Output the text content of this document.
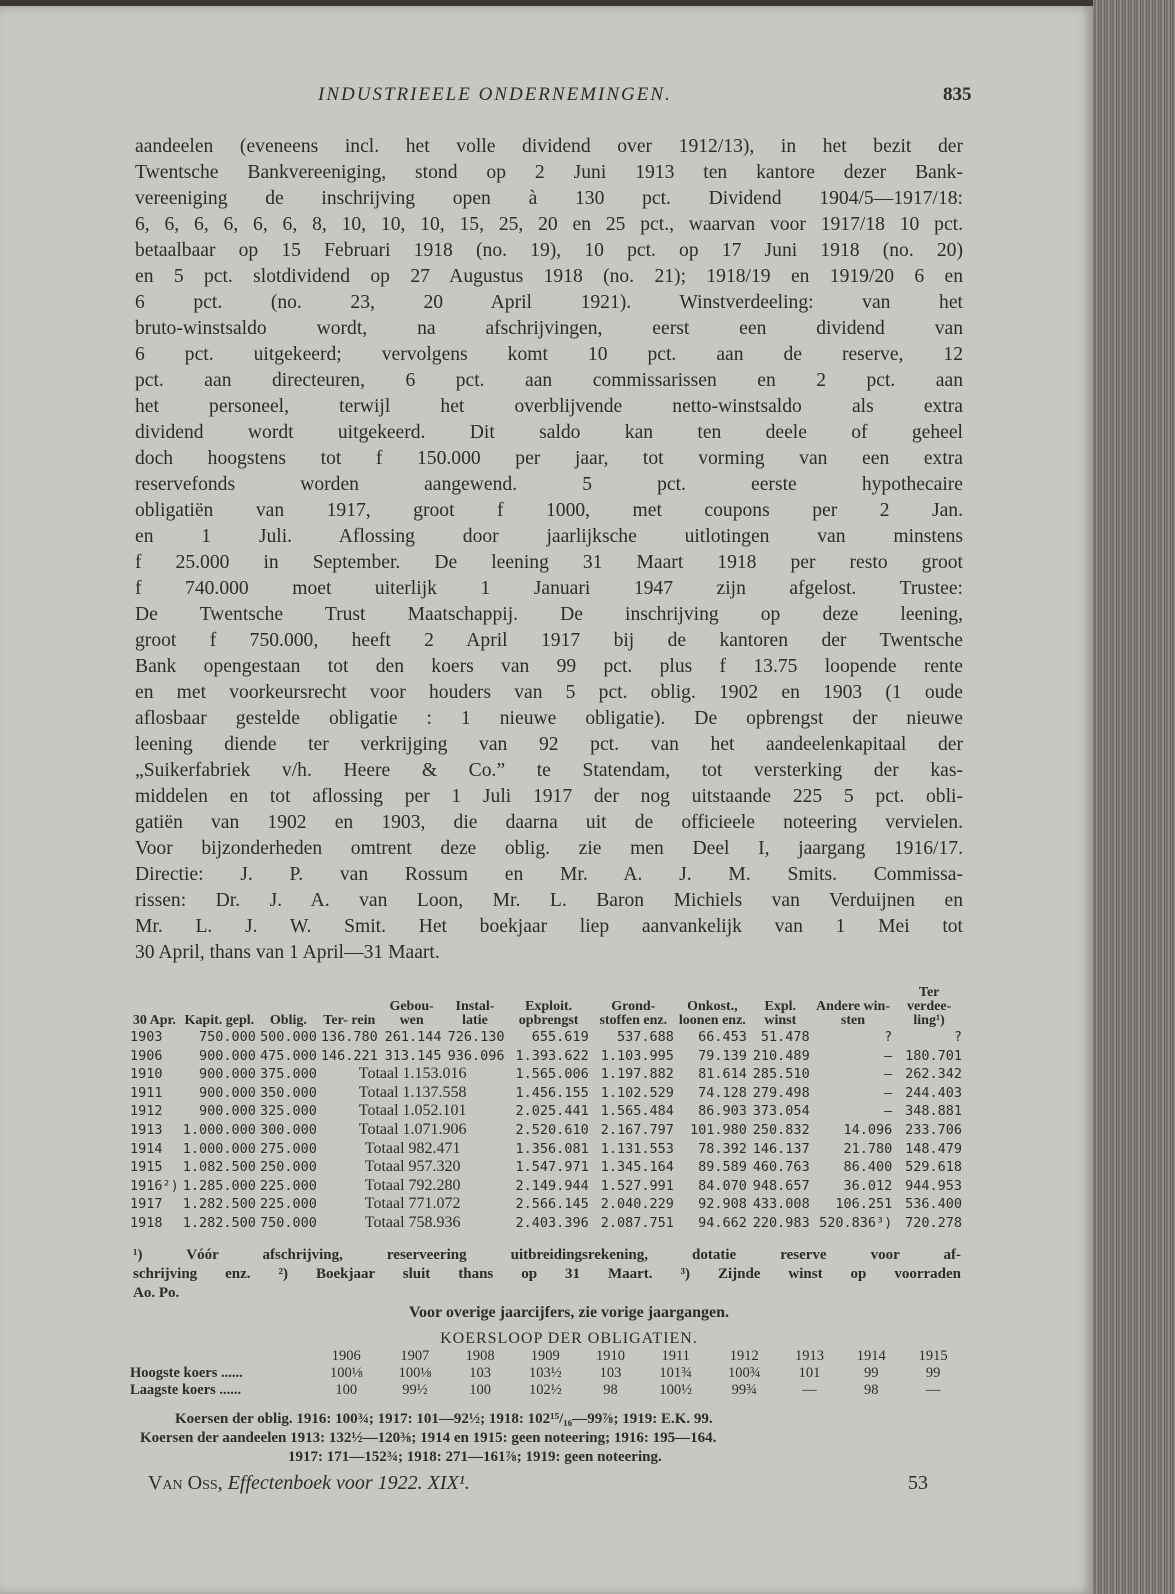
INDUSTRIEELE ONDERNEMINGEN.	835
aandeelen (eveneens incl. het volle dividend over 1912/13), in het bezit der
Twentsche Bankvereeniging, stond op 2 Juni 1913 ten kantore dezer Bank-
vereeniging de inschrijving open à 130 pct. Dividend 1904/5—1917/18:
6, 6, 6, 6, 6, 6, 8, 10, 10, 10, 15, 25, 20 en 25 pct., waarvan voor 1917/18 10 pct.
betaalbaar op 15 Februari 1918 (no. 19), 10 pct. op 17 Juni 1918 (no. 20)
en 5 pct. slotdividend op 27 Augustus 1918 (no. 21); 1918/19 en 1919/20 6 en
6 pct. (no. 23, 20 April 1921). Winstverdeeling: van het
bruto-winstsaldo wordt, na afschrijvingen, eerst een dividend van
6 pct. uitgekeerd; vervolgens komt 10 pct. aan de reserve, 12
pct. aan directeuren, 6 pct. aan commissarissen en 2 pct. aan
het personeel, terwijl het overblijvende netto-winstsaldo als extra
dividend wordt uitgekeerd. Dit saldo kan ten deele of geheel
doch hoogstens tot f 150.000 per jaar, tot vorming van een extra
reservefonds worden aangewend. 5 pct. eerste hypothecaire
obligatiën van 1917, groot f 1000, met coupons per 2 Jan.
en 1 Juli. Aflossing door jaarlijksche uitlotingen van minstens
f 25.000 in September. De leening 31 Maart 1918 per resto groot
f 740.000 moet uiterlijk 1 Januari 1947 zijn afgelost. Trustee:
De Twentsche Trust Maatschappij. De inschrijving op deze leening,
groot f 750.000, heeft 2 April 1917 bij de kantoren der Twentsche
Bank opengestaan tot den koers van 99 pct. plus f 13.75 loopende rente
en met voorkeursrecht voor houders van 5 pct. oblig. 1902 en 1903 (1 oude
aflosbaar gestelde obligatie : 1 nieuwe obligatie). De opbrengst der nieuwe
leening diende ter verkrijging van 92 pct. van het aandeelenkapitaal der
„Suikerfabriek v/h. Heere & Co.” te Statendam, tot versterking der kas-
middelen en tot aflossing per 1 Juli 1917 der nog uitstaande 225 5 pct. obli-
gatiën van 1902 en 1903, die daarna uit de officieele noteering vervielen.
Voor bijzonderheden omtrent deze oblig. zie men Deel I, jaargang 1916/17.
Directie: J. P. van Rossum en Mr. A. J. M. Smits. Commissa-
rissen: Dr. J. A. van Loon, Mr. L. Baron Michiels van Verduijnen en
Mr. L. J. W. Smit. Het boekjaar liep aanvankelijk van 1 Mei tot
30 April, thans van 1 April—31 Maart.
30 Apr.	Kapit. gepl.	Oblig.	Ter- rein	Gebou- wen	Instal- latie	Exploit. opbrengst	Grond- stoffen enz.	Onkost., loonen enz.	Expl. winst	Andere win- sten	Ter verdee- ling¹)
1903	750.000	500.000	136.780	261.144	726.130	655.619	537.688	66.453	51.478	?	?
1906	900.000	475.000	146.221	313.145	936.096	1.393.622	1.103.995	79.139	210.489	—	180.701
1910	900.000	375.000	Totaal 1.153.016			1.565.006	1.197.882	81.614	285.510	—	262.342
1911	900.000	350.000	Totaal 1.137.558			1.456.155	1.102.529	74.128	279.498	—	244.403
1912	900.000	325.000	Totaal 1.052.101			2.025.441	1.565.484	86.903	373.054	—	348.881
1913	1.000.000	300.000	Totaal 1.071.906			2.520.610	2.167.797	101.980	250.832	14.096	233.706
1914	1.000.000	275.000	Totaal 982.471			1.356.081	1.131.553	78.392	146.137	21.780	148.479
1915	1.082.500	250.000	Totaal 957.320			1.547.971	1.345.164	89.589	460.763	86.400	529.618
1916²)	1.285.000	225.000	Totaal 792.280			2.149.944	1.527.991	84.070	948.657	36.012	944.953
1917	1.282.500	225.000	Totaal 771.072			2.566.145	2.040.229	92.908	433.008	106.251	536.400
1918	1.282.500	750.000	Totaal 758.936			2.403.396	2.087.751	94.662	220.983	520.836³)	720.278
¹) Vóór afschrijving, reserveering uitbreidingsrekening, dotatie reserve voor af-
schrijving enz. ²) Boekjaar sluit thans op 31 Maart. ³) Zijnde winst op voorraden
Ao. Po.
Voor overige jaarcijfers, zie vorige jaargangen.
KOERSLOOP DER OBLIGATIEN.
	1906	1907	1908	1909	1910	1911	1912	1913	1914	1915
Hoogste koers ......	100⅛	100⅛	103	103½	103	101¾	100¾	101	99	99
Laagste koers ......	100	99½	100	102½	98	100½	99¾	—	98	—
Koersen der oblig. 1916: 100¾; 1917: 101—92½; 1918: 102¹⁵/₁₆—99⅞; 1919: E.K. 99.
Koersen der aandeelen 1913: 132½—120⅜; 1914 en 1915: geen noteering; 1916: 195—164.
1917: 171—152¾; 1918: 271—161⅞; 1919: geen noteering.
Van Oss, Effectenboek voor 1922. XIX¹.	53
